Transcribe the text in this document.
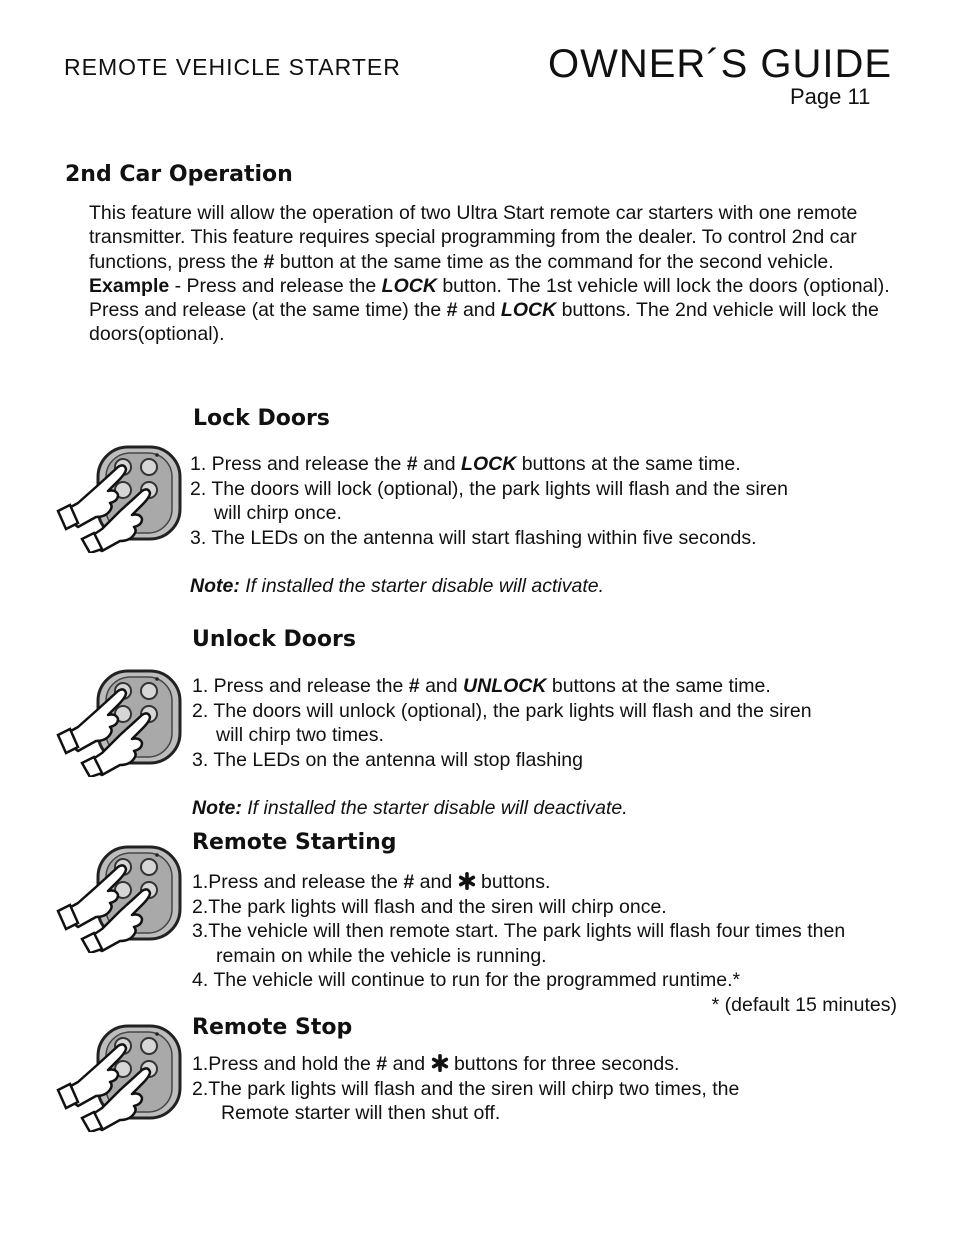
REMOTE VEHICLE STARTER	OWNER´S GUIDE
Page 11
2nd Car Operation
This feature will allow the operation of two Ultra Start remote car starters with one remote transmitter. This feature requires special programming from the dealer. To control 2nd car functions, press the # button at the same time as the command for the second vehicle.
Example - Press and release the LOCK button. The 1st vehicle will lock the doors (optional). Press and release (at the same time) the # and LOCK buttons. The 2nd vehicle will lock the doors(optional).
Lock Doors

1. Press and release the # and LOCK buttons at the same time.

2. The doors will lock (optional), the park lights will flash and the siren

will chirp once.

3. The LEDs on the antenna will start flashing within five seconds.

Note: If installed the starter disable will activate.
Unlock Doors

1. Press and release the # and UNLOCK buttons at the same time.

2. The doors will unlock (optional), the park lights will flash and the siren

will chirp two times.

3. The LEDs on the antenna will stop flashing

Note: If installed the starter disable will deactivate.
Remote Starting

1.Press and release the # and  buttons.

2.The park lights will flash and the siren will chirp once.

3.The vehicle will then remote start. The park lights will flash four times then

remain on while the vehicle is running.

4. The vehicle will continue to run for the programmed runtime.*

* (default 15 minutes)

Remote Stop

1.Press and hold the # and  buttons for three seconds.

2.The park lights will flash and the siren will chirp two times, the

Remote starter will then shut off.
